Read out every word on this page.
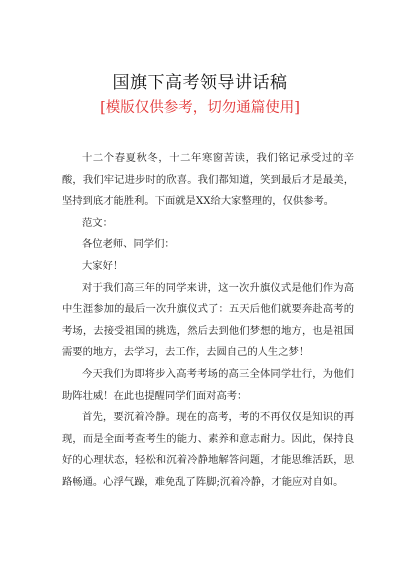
国旗下高考领导讲话稿
[模版仅供参考，切勿通篇使用]

十二个春夏秋冬，十二年寒窗苦读，我们铭记承受过的辛酸，我们牢记进步时的欣喜。我们都知道，笑到最后才是最美，坚持到底才能胜利。下面就是XX给大家整理的，仅供参考。

范文：

各位老师、同学们：

大家好！

对于我们高三年的同学来讲，这一次升旗仪式是他们作为高中生涯参加的最后一次升旗仪式了：五天后他们就要奔赴高考的考场，去接受祖国的挑选，然后去到他们梦想的地方，也是祖国需要的地方，去学习，去工作，去圆自己的人生之梦！

今天我们为即将步入高考考场的高三全体同学壮行，为他们助阵壮威！在此也提醒同学们面对高考：

首先，要沉着冷静。现在的高考，考的不再仅仅是知识的再现，而是全面考查考生的能力、素养和意志耐力。因此，保持良好的心理状态，轻松和沉着冷静地解答问题，才能思维活跃，思路畅通。心浮气躁，难免乱了阵脚;沉着冷静，才能应对自如。
